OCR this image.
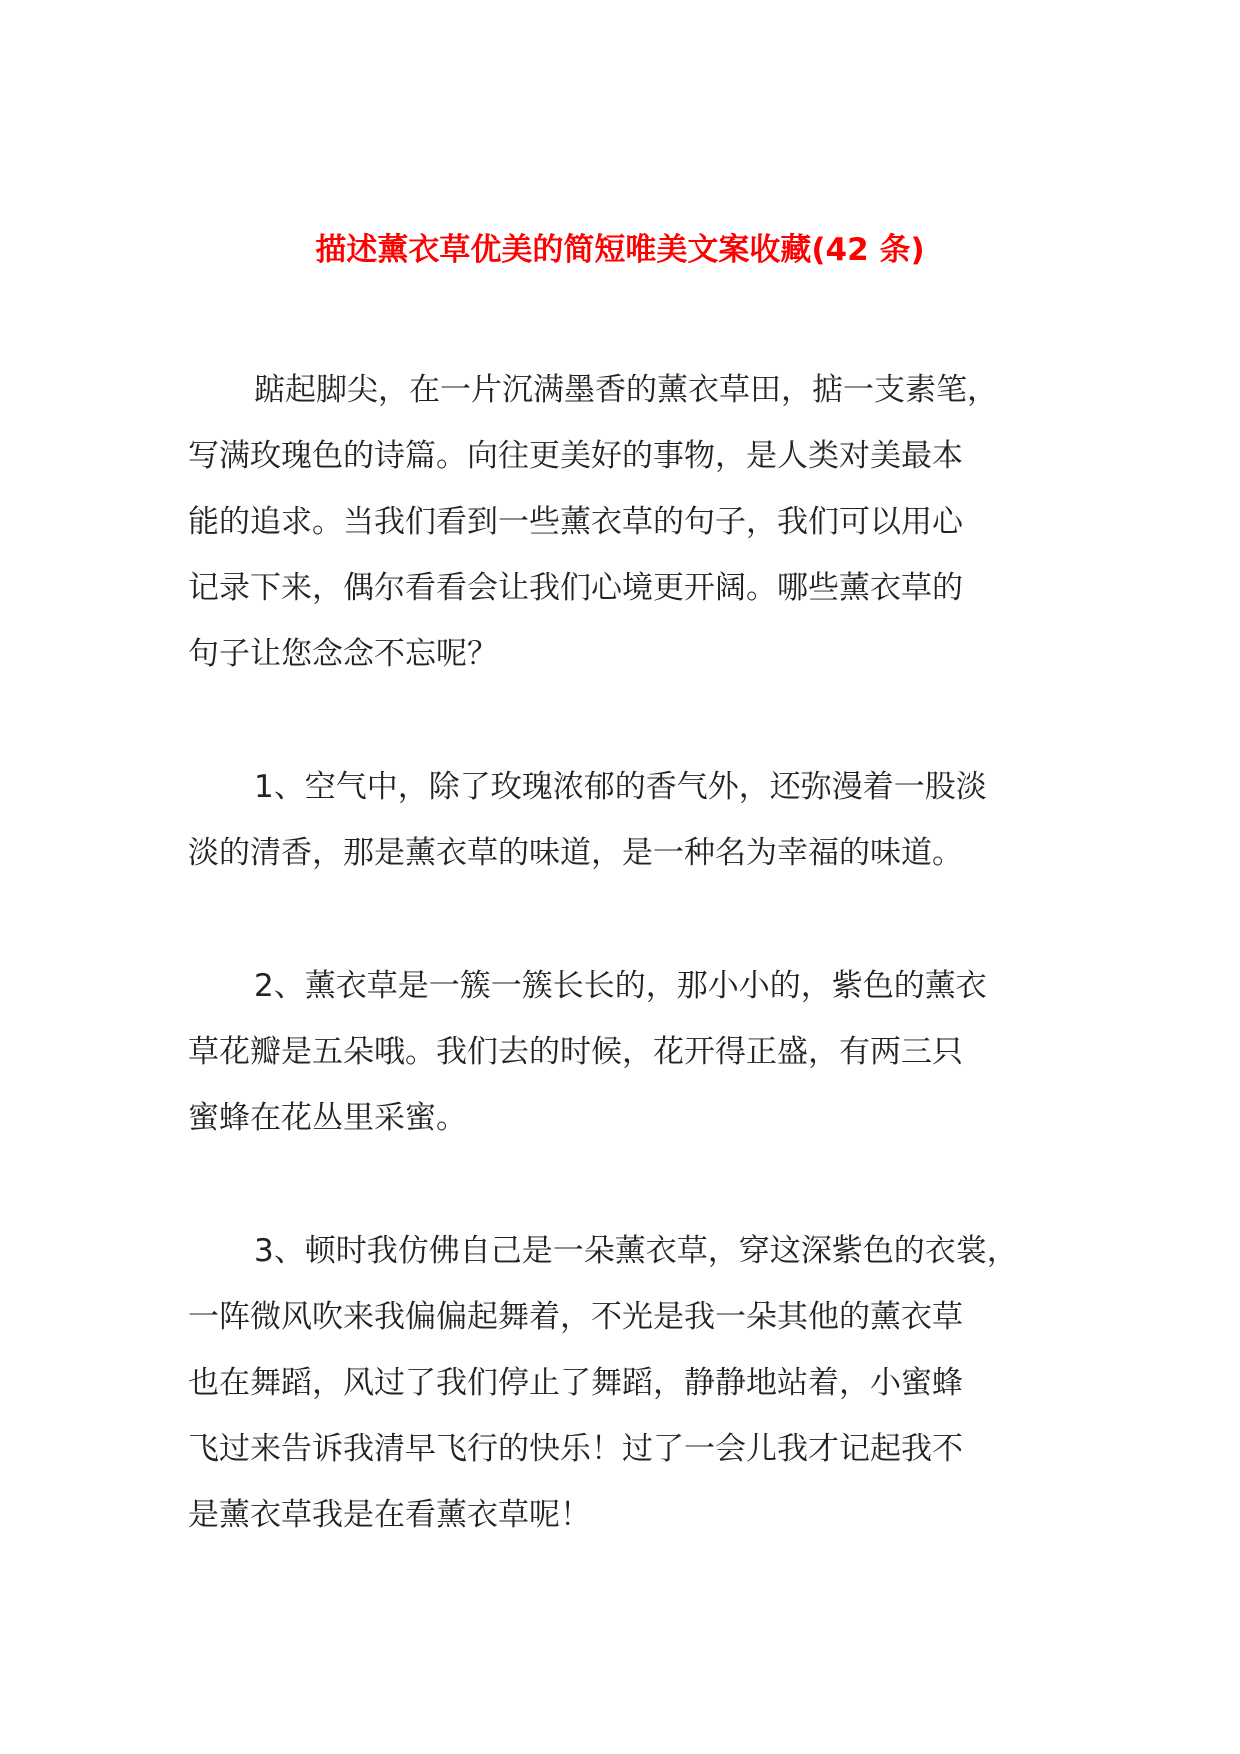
描述薰衣草优美的简短唯美文案收藏(42 条)

踮起脚尖，在一片沉满墨香的薰衣草田，掂一支素笔，
写满玫瑰色的诗篇。向往更美好的事物，是人类对美最本
能的追求。当我们看到一些薰衣草的句子，我们可以用心
记录下来，偶尔看看会让我们心境更开阔。哪些薰衣草的
句子让您念念不忘呢？

1、空气中，除了玫瑰浓郁的香气外，还弥漫着一股淡
淡的清香，那是薰衣草的味道，是一种名为幸福的味道。

2、薰衣草是一簇一簇长长的，那小小的，紫色的薰衣
草花瓣是五朵哦。我们去的时候，花开得正盛，有两三只
蜜蜂在花丛里采蜜。

3、顿时我仿佛自己是一朵薰衣草，穿这深紫色的衣裳，
一阵微风吹来我偏偏起舞着，不光是我一朵其他的薰衣草
也在舞蹈，风过了我们停止了舞蹈，静静地站着，小蜜蜂
飞过来告诉我清早飞行的快乐！过了一会儿我才记起我不
是薰衣草我是在看薰衣草呢！
